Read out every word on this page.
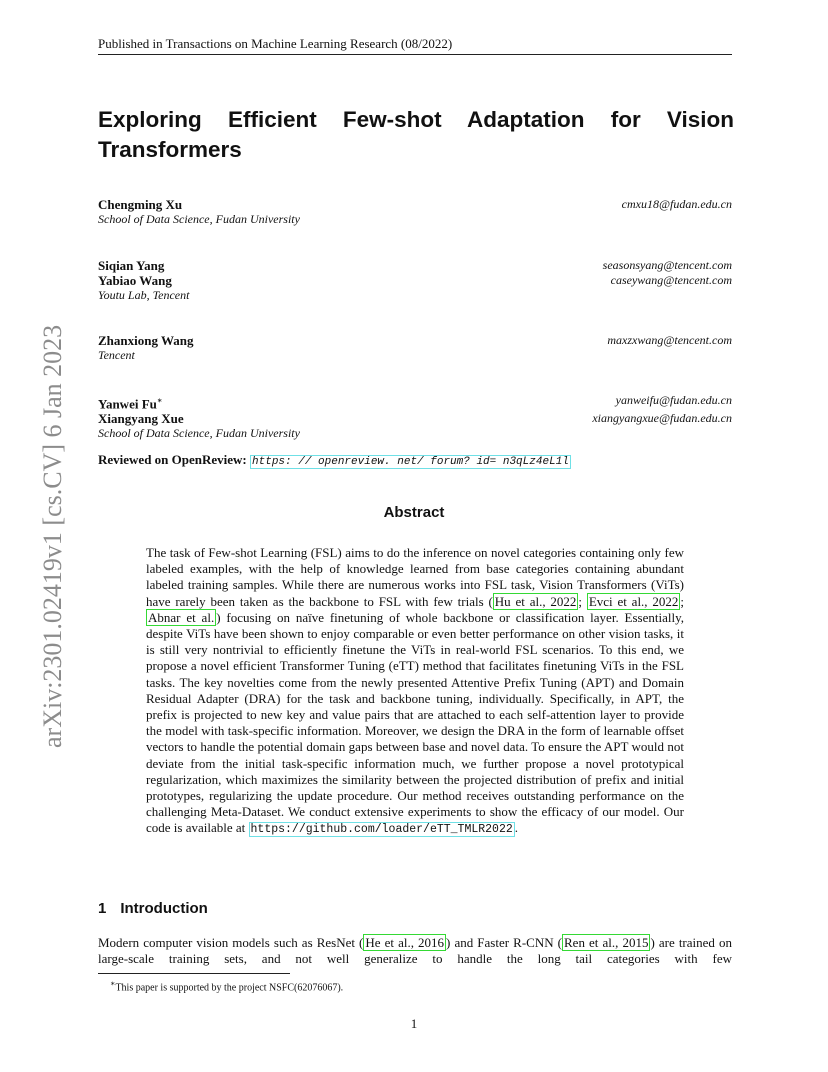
Published in Transactions on Machine Learning Research (08/2022)
arXiv:2301.02419v1 [cs.CV] 6 Jan 2023
Exploring Efficient Few-shot Adaptation for Vision Transformers
Chengming Xu	cmxu18@fudan.edu.cn
School of Data Science, Fudan University
Siqian Yang	seasonsyang@tencent.com
Yabiao Wang	caseywang@tencent.com
Youtu Lab, Tencent
Zhanxiong Wang	maxzxwang@tencent.com
Tencent
Yanwei Fu∗	yanweifu@fudan.edu.cn
Xiangyang Xue	xiangyangxue@fudan.edu.cn
School of Data Science, Fudan University
Reviewed on OpenReview: https: // openreview. net/ forum? id= n3qLz4eL1l
Abstract

The task of Few-shot Learning (FSL) aims to do the inference on novel categories containing only few labeled examples, with the help of knowledge learned from base categories containing abundant labeled training samples. While there are numerous works into FSL task, Vision Transformers (ViTs) have rarely been taken as the backbone to FSL with few trials ( Hu et al., 2022 ; Evci et al., 2022 ; Abnar et al. ) focusing on naïve finetuning of whole backbone or classification layer. Essentially, despite ViTs have been shown to enjoy comparable or even better performance on other vision tasks, it is still very nontrivial to efficiently finetune the ViTs in real-world FSL scenarios. To this end, we propose a novel efficient Transformer Tuning (eTT) method that facilitates finetuning ViTs in the FSL tasks. The key novelties come from the newly presented Attentive Prefix Tuning (APT) and Domain Residual Adapter (DRA) for the task and backbone tuning, individually. Specifically, in APT, the prefix is projected to new key and value pairs that are attached to each self-attention layer to provide the model with task-specific information. Moreover, we design the DRA in the form of learnable offset vectors to handle the potential domain gaps between base and novel data. To ensure the APT would not deviate from the initial task-specific information much, we further propose a novel prototypical regularization, which maximizes the similarity between the projected distribution of prefix and initial prototypes, regularizing the update procedure. Our method receives outstanding performance on the challenging Meta-Dataset. We conduct extensive experiments to show the efficacy of our model. Our code is available at https://github.com/loader/eTT_TMLR2022 .

1 Introduction

Modern computer vision models such as ResNet ( He et al., 2016 ) and Faster R-CNN ( Ren et al., 2015 ) are trained on large-scale training sets, and not well generalize to handle the long tail categories with few

∗This paper is supported by the project NSFC(62076067).
1
